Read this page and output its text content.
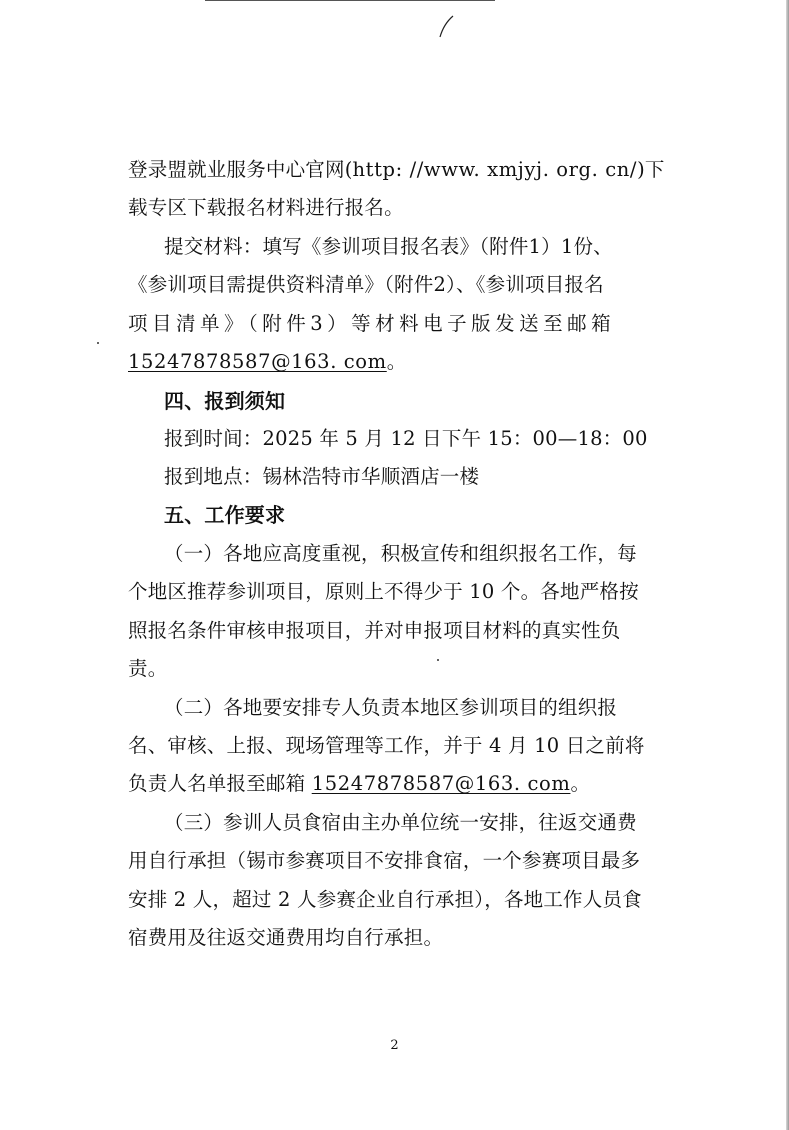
登录盟就业服务中心官网(http: //www. xmjyj. org. cn/)下
载专区下载报名材料进行报名。
提交材料：填写《参训项目报名表》（附件1）1份、
《参训项目需提供资料清单》（附件2）、《参训项目报名
项目清单》（附件3）等材料电子版发送至邮箱
15247878587@163. com。
四、报到须知
报到时间：2025 年 5 月 12 日下午 15：00—18：00
报到地点：锡林浩特市华顺酒店一楼
五、工作要求
（一）各地应高度重视，积极宣传和组织报名工作，每
个地区推荐参训项目，原则上不得少于 10 个。各地严格按
照报名条件审核申报项目，并对申报项目材料的真实性负
责。
（二）各地要安排专人负责本地区参训项目的组织报
名、审核、上报、现场管理等工作，并于 4 月 10 日之前将
负责人名单报至邮箱 15247878587@163. com。
（三）参训人员食宿由主办单位统一安排，往返交通费
用自行承担（锡市参赛项目不安排食宿，一个参赛项目最多
安排 2 人，超过 2 人参赛企业自行承担），各地工作人员食
宿费用及往返交通费用均自行承担。
2
